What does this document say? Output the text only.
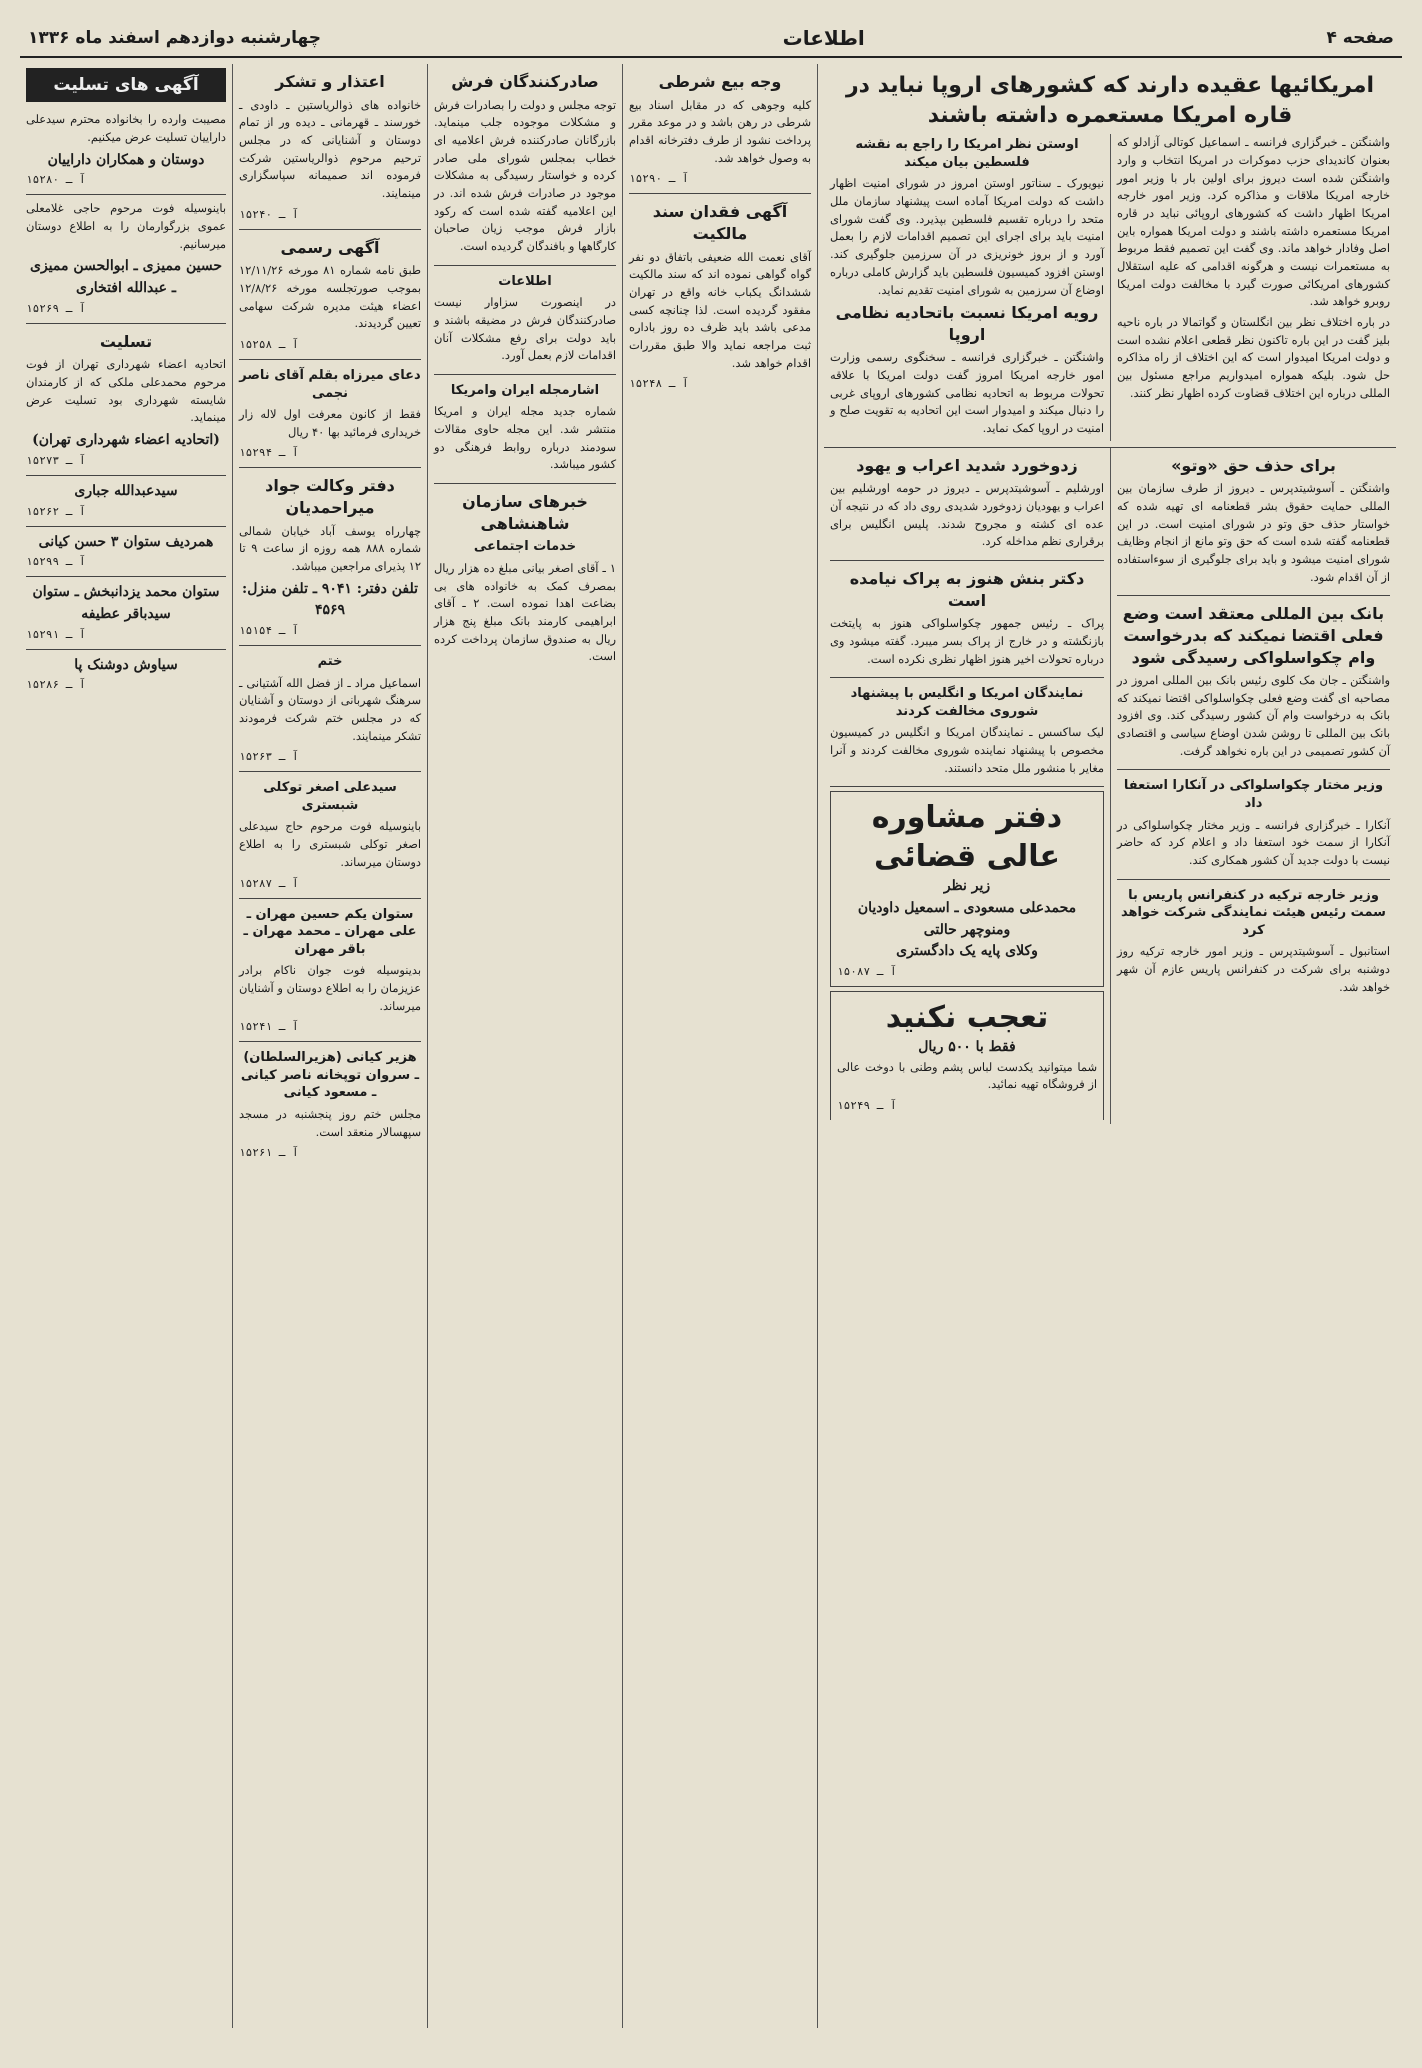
صفحه ۴
اطلاعات
چهارشنبه دوازدهم اسفند ماه ۱۳۳۶
امریکائیها عقیده دارند که کشورهای اروپا نباید در قاره امریکا مستعمره داشته باشند

واشنگتن ـ خبرگزاری فرانسه ـ اسماعیل کوتالی آزادلو که بعنوان کاندیدای حزب دموکرات در امریکا انتخاب و وارد واشنگتن شده است دیروز برای اولین بار با وزیر امور خارجه امریکا ملاقات و مذاکره کرد. وزیر امور خارجه امریکا اظهار داشت که کشورهای اروپائی نباید در قاره امریکا مستعمره داشته باشند و دولت امریکا همواره باین اصل وفادار خواهد ماند. وی گفت این تصمیم فقط مربوط به مستعمرات نیست و هرگونه اقدامی که علیه استقلال کشورهای امریکائی صورت گیرد با مخالفت دولت امریکا روبرو خواهد شد.

در باره اختلاف نظر بین انگلستان و گواتمالا در باره ناحیه بلیز گفت در این باره تاکنون نظر قطعی اعلام نشده است و دولت امریکا امیدوار است که این اختلاف از راه مذاکره حل شود. بلیکه همواره امیدواریم مراجع مسئول بین المللی درباره این اختلاف قضاوت کرده اظهار نظر کنند.

اوستن نظر امریکا را راجع به نقشه فلسطین بیان میکند

نیویورک ـ سناتور اوستن امروز در شورای امنیت اظهار داشت که دولت امریکا آماده است پیشنهاد سازمان ملل متحد را درباره تقسیم فلسطین بپذیرد. وی گفت شورای امنیت باید برای اجرای این تصمیم اقدامات لازم را بعمل آورد و از بروز خونریزی در آن سرزمین جلوگیری کند. اوستن افزود کمیسیون فلسطین باید گزارش کاملی درباره اوضاع آن سرزمین به شورای امنیت تقدیم نماید.

رویه امریکا نسبت باتحادیه نظامی اروپا

واشنگتن ـ خبرگزاری فرانسه ـ سخنگوی رسمی وزارت امور خارجه امریکا امروز گفت دولت امریکا با علاقه تحولات مربوط به اتحادیه نظامی کشورهای اروپای غربی را دنبال میکند و امیدوار است این اتحادیه به تقویت صلح و امنیت در اروپا کمک نماید.

برای حذف حق «وتو»

واشنگتن ـ آسوشیتدپرس ـ دیروز از طرف سازمان بین المللی حمایت حقوق بشر قطعنامه ای تهیه شده که خواستار حذف حق وتو در شورای امنیت است. در این قطعنامه گفته شده است که حق وتو مانع از انجام وظایف شورای امنیت میشود و باید برای جلوگیری از سوءاستفاده از آن اقدام شود.

بانک بین المللی معتقد است وضع فعلی اقتضا نمیکند که بدرخواست وام چکواسلواکی رسیدگی شود

واشنگتن ـ جان مک کلوی رئیس بانک بین المللی امروز در مصاحبه ای گفت وضع فعلی چکواسلواکی اقتضا نمیکند که بانک به درخواست وام آن کشور رسیدگی کند. وی افزود بانک بین المللی تا روشن شدن اوضاع سیاسی و اقتصادی آن کشور تصمیمی در این باره نخواهد گرفت.

وزیر مختار چکواسلواکی در آنکارا استعفا داد

آنکارا ـ خبرگزاری فرانسه ـ وزیر مختار چکواسلواکی در آنکارا از سمت خود استعفا داد و اعلام کرد که حاضر نیست با دولت جدید آن کشور همکاری کند.

وزیر خارجه ترکیه در کنفرانس پاریس با سمت رئیس هیئت نمایندگی شرکت خواهد کرد

استانبول ـ آسوشیتدپرس ـ وزیر امور خارجه ترکیه روز دوشنبه برای شرکت در کنفرانس پاریس عازم آن شهر خواهد شد.

زدوخورد شدید اعراب و یهود

اورشلیم ـ آسوشیتدپرس ـ دیروز در حومه اورشلیم بین اعراب و یهودیان زدوخورد شدیدی روی داد که در نتیجه آن عده ای کشته و مجروح شدند. پلیس انگلیس برای برقراری نظم مداخله کرد.

دکتر بنش هنوز به پراک نیامده است

پراک ـ رئیس جمهور چکواسلواکی هنوز به پایتخت بازنگشته و در خارج از پراک بسر میبرد. گفته میشود وی درباره تحولات اخیر هنوز اظهار نظری نکرده است.

نمایندگان امریکا و انگلیس با پیشنهاد شوروی مخالفت کردند

لیک ساکسس ـ نمایندگان امریکا و انگلیس در کمیسیون مخصوص با پیشنهاد نماینده شوروی مخالفت کردند و آنرا مغایر با منشور ملل متحد دانستند.

دفتر مشاوره عالی قضائی
زیر نظر
محمدعلی مسعودی ـ اسمعیل داودیان
ومنوچهر حالتی
وکلای پایه یک دادگستری
آ ـ ۱۵۰۸۷
تعجب نکنید
فقط با ۵۰۰ ریال

شما میتوانید یکدست لباس پشم وطنی با دوخت عالی از فروشگاه تهیه نمائید.

آ ـ ۱۵۲۴۹
وجه بیع شرطی

کلیه وجوهی که در مقابل اسناد بیع شرطی در رهن باشد و در موعد مقرر پرداخت نشود از طرف دفترخانه اقدام به وصول خواهد شد.

آ ـ ۱۵۲۹۰
آگهی فقدان سند مالکیت

آقای نعمت الله ضعیفی باتفاق دو نفر گواه گواهی نموده اند که سند مالکیت ششدانگ یکباب خانه واقع در تهران مفقود گردیده است. لذا چنانچه کسی مدعی باشد باید ظرف ده روز باداره ثبت مراجعه نماید والا طبق مقررات اقدام خواهد شد.

آ ـ ۱۵۲۴۸
صادرکنندگان فرش

توجه مجلس و دولت را بصادرات فرش و مشکلات موجوده جلب مینماید. بازرگانان صادرکننده فرش اعلامیه ای خطاب بمجلس شورای ملی صادر کرده و خواستار رسیدگی به مشکلات موجود در صادرات فرش شده اند. در این اعلامیه گفته شده است که رکود بازار فرش موجب زیان صاحبان کارگاهها و بافندگان گردیده است.

اطلاعات

در اینصورت سزاوار نیست صادرکنندگان فرش در مضیقه باشند و باید دولت برای رفع مشکلات آنان اقدامات لازم بعمل آورد.

اشارمجله ایران وامریکا

شماره جدید مجله ایران و امریکا منتشر شد. این مجله حاوی مقالات سودمند درباره روابط فرهنگی دو کشور میباشد.

خبرهای سازمان شاهنشاهی
خدمات اجتماعی

۱ ـ آقای اصغر بیانی مبلغ ده هزار ریال بمصرف کمک به خانواده های بی بضاعت اهدا نموده است. ۲ ـ آقای ابراهیمی کارمند بانک مبلغ پنج هزار ریال به صندوق سازمان پرداخت کرده است.

اعتذار و تشکر

خانواده های ذوالریاستین ـ داودی ـ خورسند ـ قهرمانی ـ دیده ور از تمام دوستان و آشنایانی که در مجلس ترحیم مرحوم ذوالریاستین شرکت فرموده اند صمیمانه سپاسگزاری مینمایند.

آ ـ ۱۵۲۴۰
آگهی رسمی

طبق نامه شماره ۸۱ مورخه ۱۲/۱۱/۲۶ بموجب صورتجلسه مورخه ۱۲/۸/۲۶ اعضاء هیئت مدیره شرکت سهامی تعیین گردیدند.

آ ـ ۱۵۲۵۸
دعای میرزاه بقلم آقای ناصر نجمی

فقط از کانون معرفت اول لاله زار خریداری فرمائید بها ۴۰ ریال

آ ـ ۱۵۲۹۴
دفتر وکالت جواد میراحمدیان

چهارراه یوسف آباد خیابان شمالی شماره ۸۸۸ همه روزه از ساعت ۹ تا ۱۲ پذیرای مراجعین میباشد.

تلفن دفتر: ۹۰۴۱ ـ تلفن منزل: ۴۵۶۹
آ ـ ۱۵۱۵۴
ختم

اسماعیل مراد ـ از فضل الله آشتیانی ـ سرهنگ شهربانی از دوستان و آشنایان که در مجلس ختم شرکت فرمودند تشکر مینمایند.

آ ـ ۱۵۲۶۳
سیدعلی اصغر توکلی شبستری

باینوسیله فوت مرحوم حاج سیدعلی اصغر توکلی شبستری را به اطلاع دوستان میرساند.

آ ـ ۱۵۲۸۷
ستوان یکم حسین مهران ـ علی مهران ـ محمد مهران ـ باقر مهران

بدینوسیله فوت جوان ناکام برادر عزیزمان را به اطلاع دوستان و آشنایان میرساند.

آ ـ ۱۵۲۴۱
هزیر کیانی (هزیرالسلطان) ـ سروان توپخانه ناصر کیانی ـ مسعود کیانی

مجلس ختم روز پنجشنبه در مسجد سپهسالار منعقد است.

آ ـ ۱۵۲۶۱
آگهی های تسلیت

مصیبت وارده را بخانواده محترم سیدعلی داراییان تسلیت عرض میکنیم.

دوستان و همکاران داراییان
آ ـ ۱۵۲۸۰

باینوسیله فوت مرحوم حاجی غلامعلی عموی بزرگوارمان را به اطلاع دوستان میرسانیم.

حسین ممیزی ـ ابوالحسن ممیزی ـ عبدالله افتخاری
آ ـ ۱۵۲۶۹
تسلیت

اتحادیه اعضاء شهرداری تهران از فوت مرحوم محمدعلی ملکی که از کارمندان شایسته شهرداری بود تسلیت عرض مینماید.

(اتحادیه اعضاء شهرداری تهران)
آ ـ ۱۵۲۷۳
سیدعبدالله جباری
آ ـ ۱۵۲۶۲
همردیف ستوان ۳ حسن کیانی
آ ـ ۱۵۲۹۹
ستوان محمد یزدانبخش ـ ستوان سیدباقر عطیفه
آ ـ ۱۵۲۹۱
سیاوش دوشنک پا
آ ـ ۱۵۲۸۶
